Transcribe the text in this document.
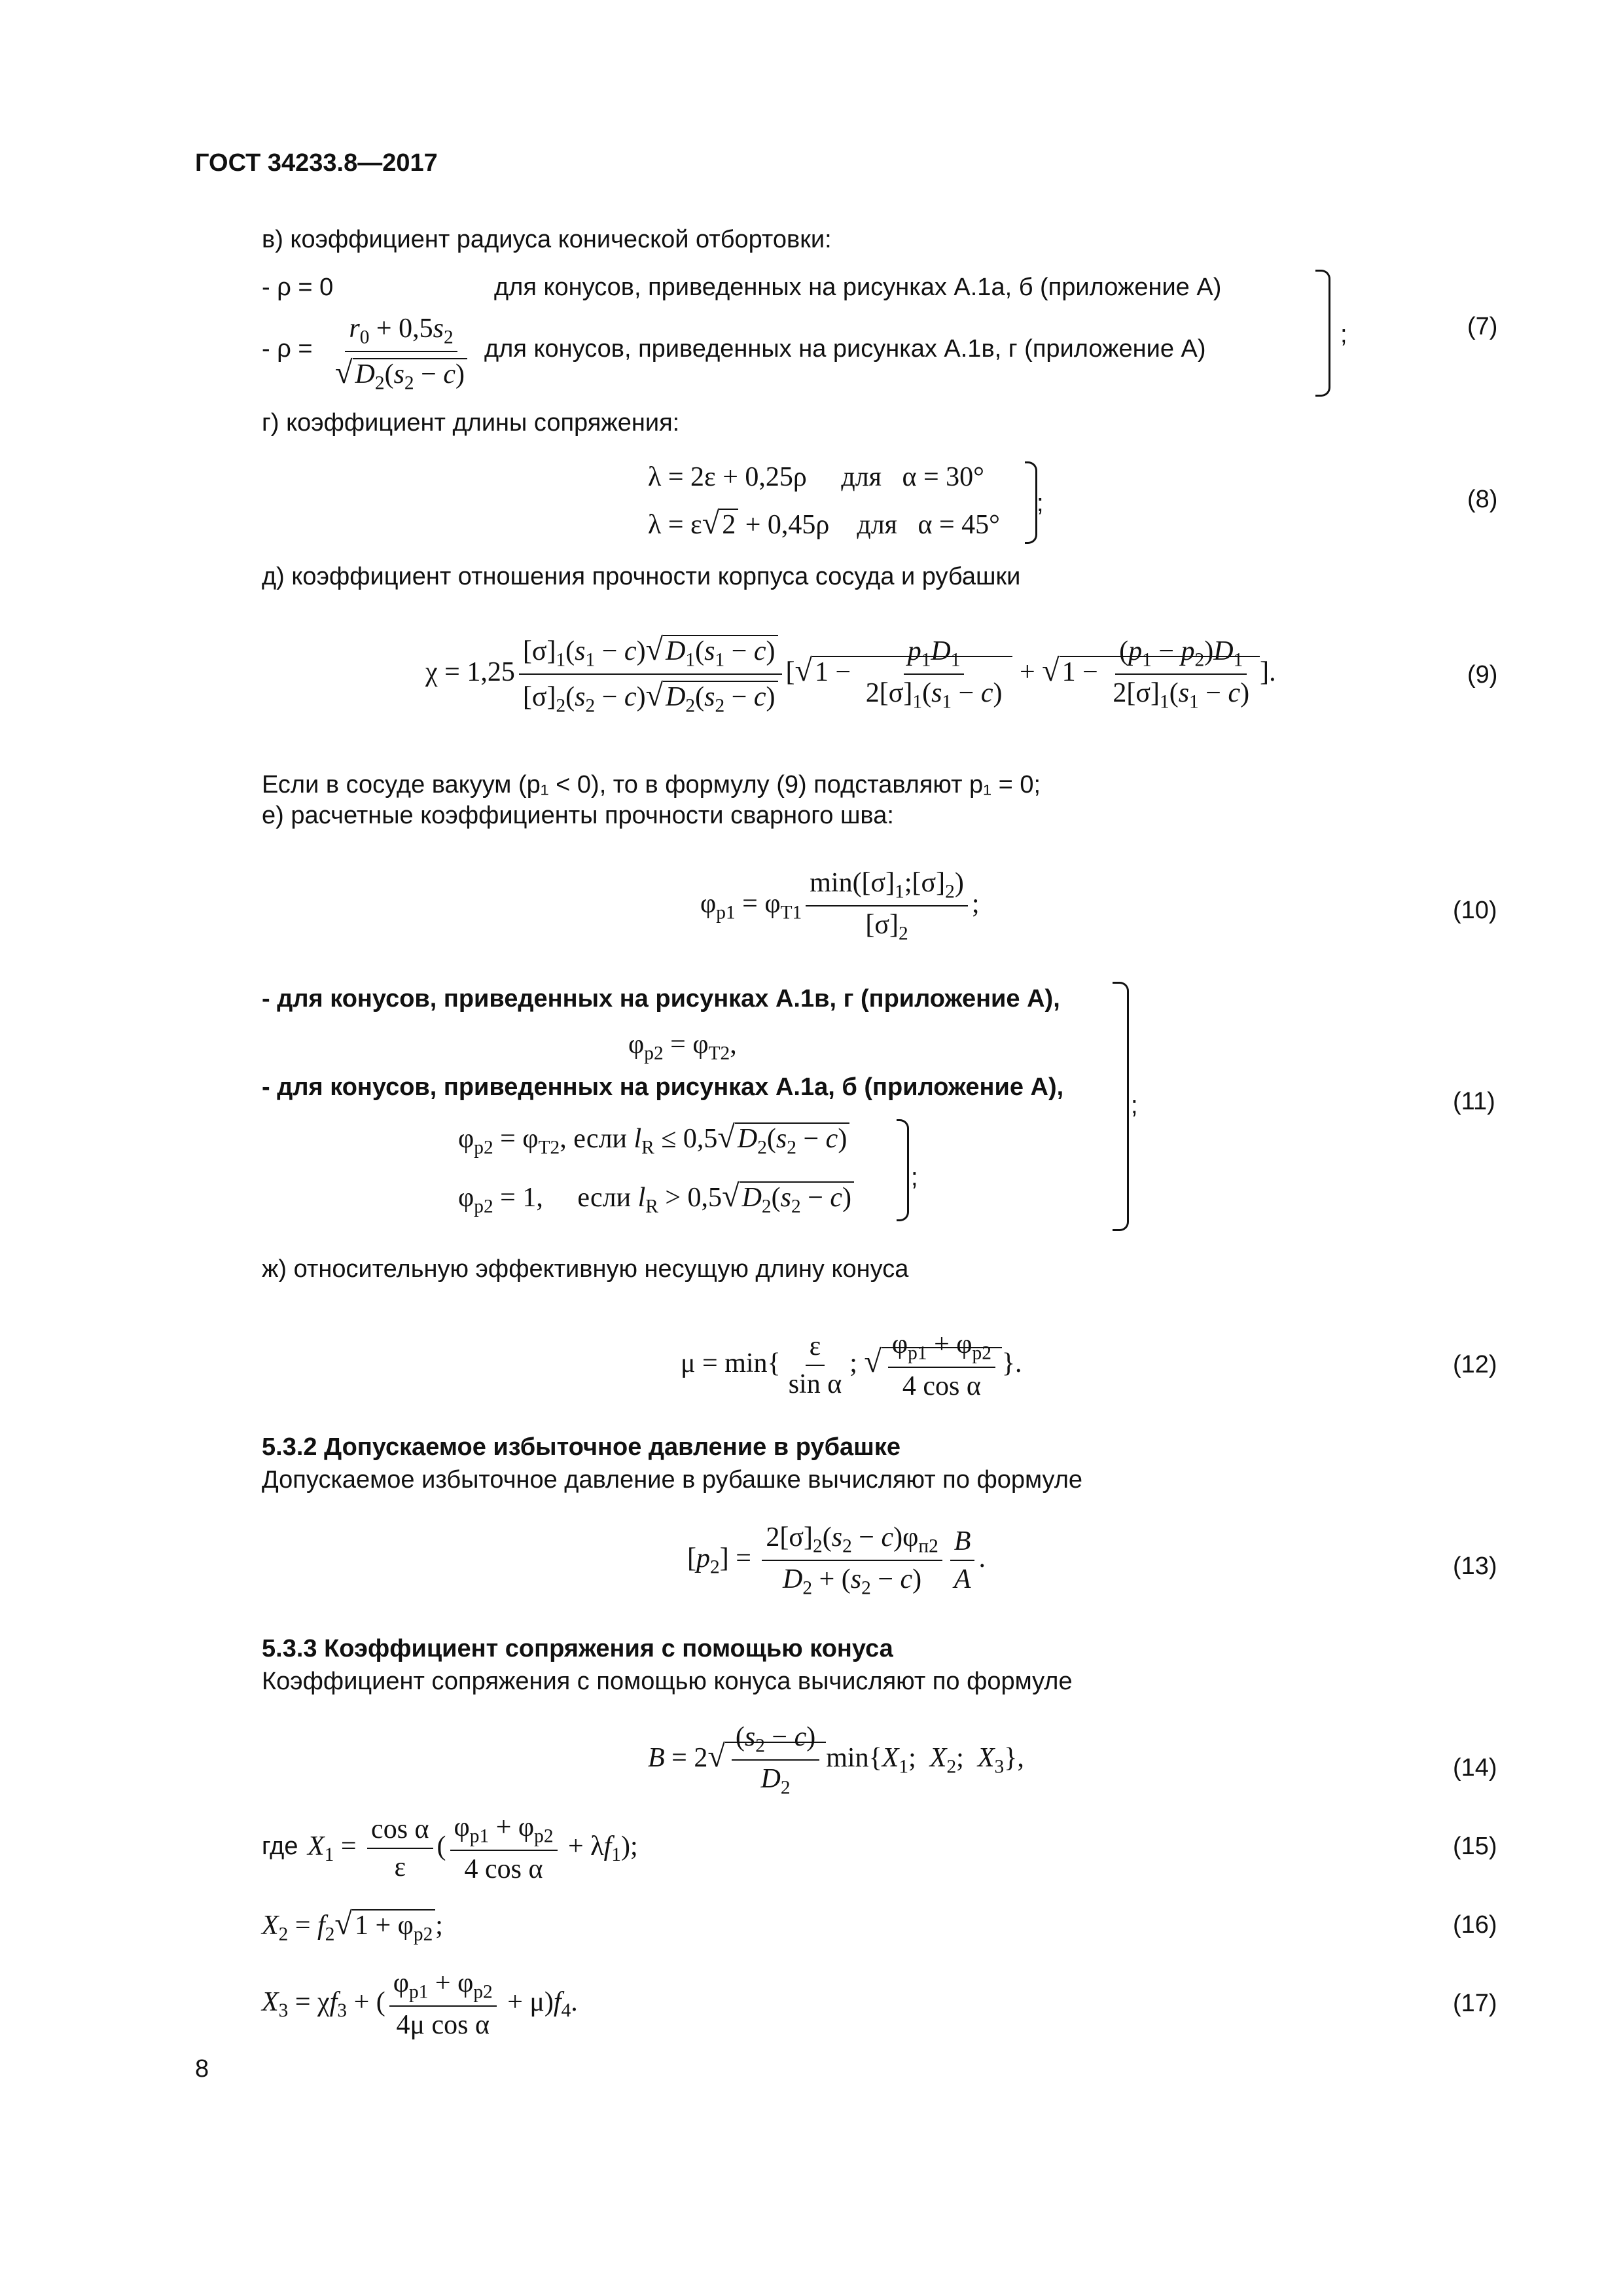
ГОСТ 34233.8—2017
в) коэффициент радиуса конической отбортовки:
- ρ = 0	для конусов, приведенных на рисунках А.1а, б (приложение А)
- $\rho = \frac{r_0 + 0,5s_2}{√D_2(s_2 - c)}$ для конусов, приведенных на рисунках А.1в, г (приложение А)
;	(7)
г) коэффициент длины сопряжения:
λ = 2ε + 0,25ρ     для   α = 30°
λ = ε√2 + 0,45ρ    для   α = 45°
;	(8)
д) коэффициент отношения прочности корпуса сосуда и рубашки
$\chi = 1,25 \frac{[\sigma]_1(s_1 - c)√D_1(s_1 - c)}{[\sigma]_2(s_2 - c)√D_2(s_2 - c)} [√1 - \frac{p_1D_1}{2[\sigma]_1(s_1 - c)} + √1 - \frac{(p_1 - p_2)D_1}{2[\sigma]_1(s_1 - c)}$ ].	(9)
Если в сосуде вакуум (p₁ < 0), то в формулу (9) подставляют p₁ = 0;
е) расчетные коэффициенты прочности сварного шва:
$\varphi_{p1} = \varphi_{T1} \frac{\min([\sigma]_1;[\sigma]_2)}{[\sigma]_2}$ ;	(10)
- для конусов, приведенных на рисунках А.1в, г (приложение А),
$\varphi_{p2} = \varphi_{T2}$,
- для конусов, приведенных на рисунках А.1а, б (приложение А),
$\varphi_{p2} = \varphi_{T2}$, если $l_R \le 0,5√D_2(s_2 - c)$
$\varphi_{p2} = 1$,     если $l_R > 0,5√D_2(s_2 - c)$
;
;	(11)
ж) относительную эффективную несущую длину конуса
$\mu = \min\{ \frac{\varepsilon}{\text{sin α}}$ ; √ $\frac{\varphi_{p1} + \varphi_{p2}}{\text{4 cos α}}$ }.	(12)
5.3.2 Допускаемое избыточное давление в рубашке
Допускаемое избыточное давление в рубашке вычисляют по формуле
$[p_2] = \frac{2[\sigma]_2(s_2 - c)\varphi_{п2}}{D_2 + (s_2 - c)} \frac{B}{A}$ .	(13)
5.3.3 Коэффициент сопряжения с помощью конуса
Коэффициент сопряжения с помощью конуса вычисляют по формуле
$B = 2√ \frac{(s_2 - c)}{D_2} \min\{X_1$;  $X_2$;  $X_3$},	(14)
где $X_1 = \frac{\text{cos α}}{\varepsilon}$ ( $\frac{\varphi_{p1} + \varphi_{p2}}{\text{4 cos α}} + \lambda f_1$);	(15)
$X_2 = f_2√1 + \varphi_{p2}$;	(16)
$X_3 = \chi f_3$ + ( $\frac{\varphi_{p1} + \varphi_{p2}}{\text{4μ cos α}} + \mu)f_4$.	(17)
8
